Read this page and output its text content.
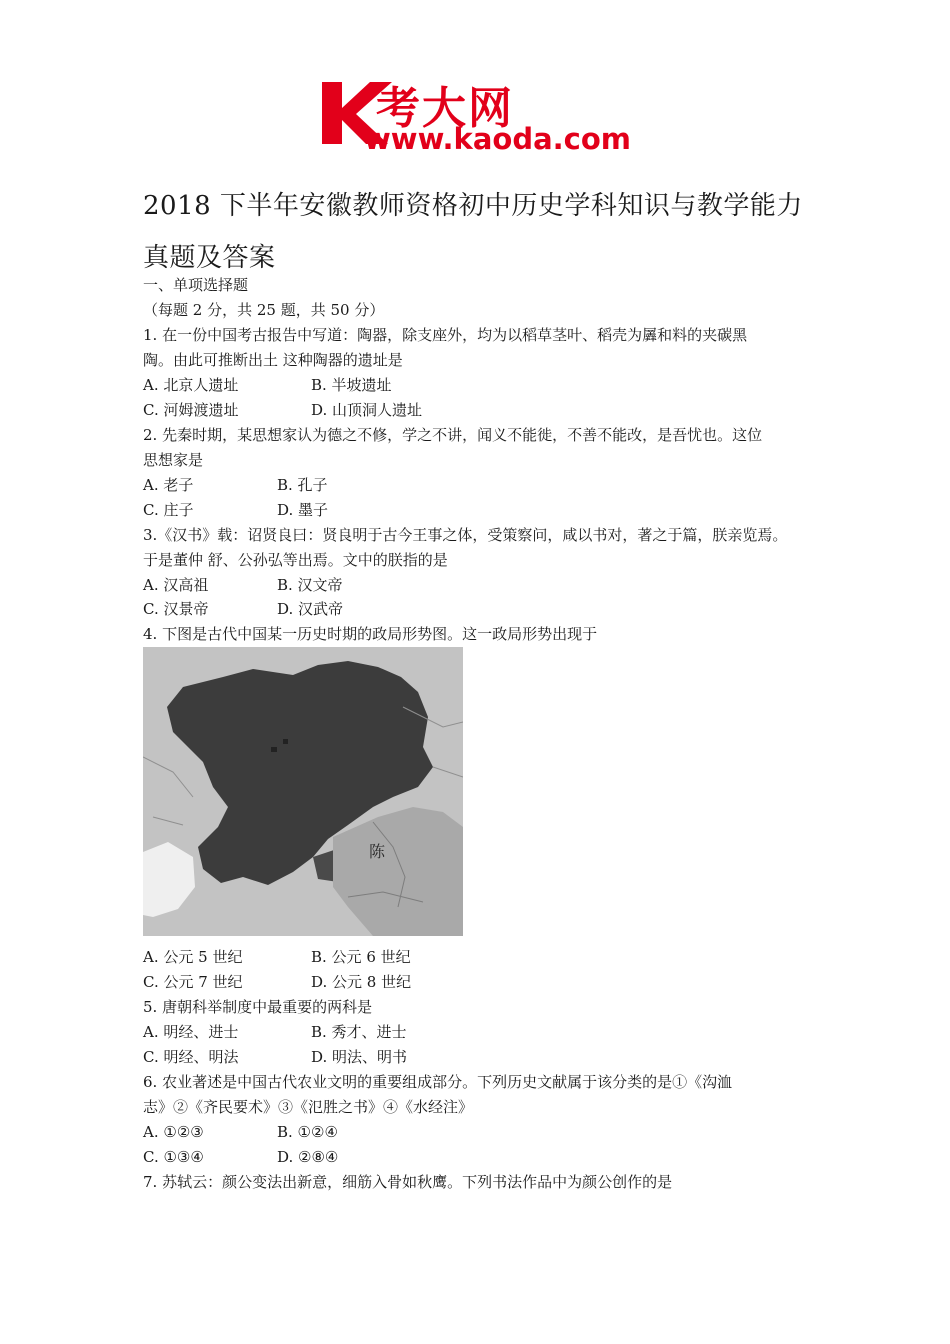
考大网
www.kaoda.com
2018 下半年安徽教师资格初中历史学科知识与教学能力真题及答案
一、单项选择题
（每题 2 分，共 25 题，共 50 分）
1. 在一份中国考古报告中写道：陶器，除支座外，均为以稻草茎叶、稻壳为羼和料的夹碳黑
陶。由此可推断出土 这种陶器的遗址是
A. 北京人遗址	B. 半坡遗址
C. 河姆渡遗址	D. 山顶洞人遗址
2. 先秦时期，某思想家认为德之不修，学之不讲，闻义不能徙，不善不能改，是吾忧也。这位
思想家是
A. 老子	B. 孔子
C. 庄子	D. 墨子
3.《汉书》载：诏贤良曰：贤良明于古今王事之体，受策察问，咸以书对，著之于篇，朕亲览焉。
于是董仲 舒、公孙弘等出焉。文中的朕指的是
A. 汉高祖	B. 汉文帝
C. 汉景帝	D. 汉武帝
4. 下图是古代中国某一历史时期的政局形势图。这一政局形势出现于
陈
A. 公元 5 世纪	B. 公元 6 世纪
C. 公元 7 世纪	D. 公元 8 世纪
5. 唐朝科举制度中最重要的两科是
A. 明经、进士	B. 秀才、进士
C. 明经、明法	D. 明法、明书
6. 农业著述是中国古代农业文明的重要组成部分。下列历史文献属于该分类的是①《沟洫
志》②《齐民要术》③《氾胜之书》④《水经注》
A. ①②③	B. ①②④
C. ①③④	D. ②⑧④
7. 苏轼云：颜公变法出新意，细筋入骨如秋鹰。下列书法作品中为颜公创作的是
